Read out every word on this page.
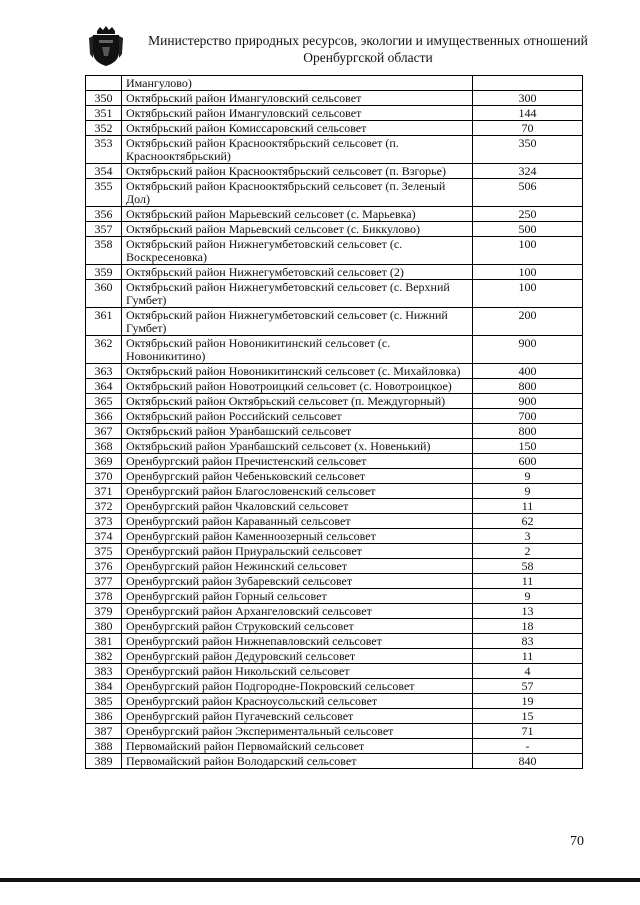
Министерство природных ресурсов, экологии и имущественных отношений
Оренбургской области
	Имангулово)	
350	Октябрьский район Имангуловский сельсовет	300
351	Октябрьский район Имангуловский сельсовет	144
352	Октябрьский район Комиссаровский сельсовет	70
353	Октябрьский район Краснооктябрьский сельсовет (п. Краснооктябрьский)	350
354	Октябрьский район Краснооктябрьский сельсовет (п. Взгорье)	324
355	Октябрьский район Краснооктябрьский сельсовет (п. Зеленый Дол)	506
356	Октябрьский район Марьевский сельсовет (с. Марьевка)	250
357	Октябрьский район Марьевский сельсовет (с. Биккулово)	500
358	Октябрьский район Нижнегумбетовский сельсовет (с. Воскресеновка)	100
359	Октябрьский район Нижнегумбетовский сельсовет (2)	100
360	Октябрьский район Нижнегумбетовский сельсовет (с. Верхний Гумбет)	100
361	Октябрьский район Нижнегумбетовский сельсовет (с. Нижний Гумбет)	200
362	Октябрьский район Новоникитинский сельсовет (с. Новоникитино)	900
363	Октябрьский район Новоникитинский сельсовет (с. Михайловка)	400
364	Октябрьский район Новотроицкий сельсовет (с. Новотроицкое)	800
365	Октябрьский район Октябрьский сельсовет (п. Междугорный)	900
366	Октябрьский район Российский сельсовет	700
367	Октябрьский район Уранбашский сельсовет	800
368	Октябрьский район Уранбашский сельсовет (х. Новенький)	150
369	Оренбургский район Пречистенский сельсовет	600
370	Оренбургский район Чебеньковский сельсовет	9
371	Оренбургский район Благословенский сельсовет	9
372	Оренбургский район Чкаловский сельсовет	11
373	Оренбургский район Караванный сельсовет	62
374	Оренбургский район Каменноозерный сельсовет	3
375	Оренбургский район Приуральский сельсовет	2
376	Оренбургский район Нежинский сельсовет	58
377	Оренбургский район Зубаревский сельсовет	11
378	Оренбургский район Горный сельсовет	9
379	Оренбургский район Архангеловский сельсовет	13
380	Оренбургский район Струковский сельсовет	18
381	Оренбургский район Нижнепавловский сельсовет	83
382	Оренбургский район Дедуровский сельсовет	11
383	Оренбургский район Никольский сельсовет	4
384	Оренбургский район Подгородне-Покровский сельсовет	57
385	Оренбургский район Красноусольский сельсовет	19
386	Оренбургский район Пугачевский сельсовет	15
387	Оренбургский район Экспериментальный сельсовет	71
388	Первомайский район Первомайский сельсовет	-
389	Первомайский район Володарский сельсовет	840
70
